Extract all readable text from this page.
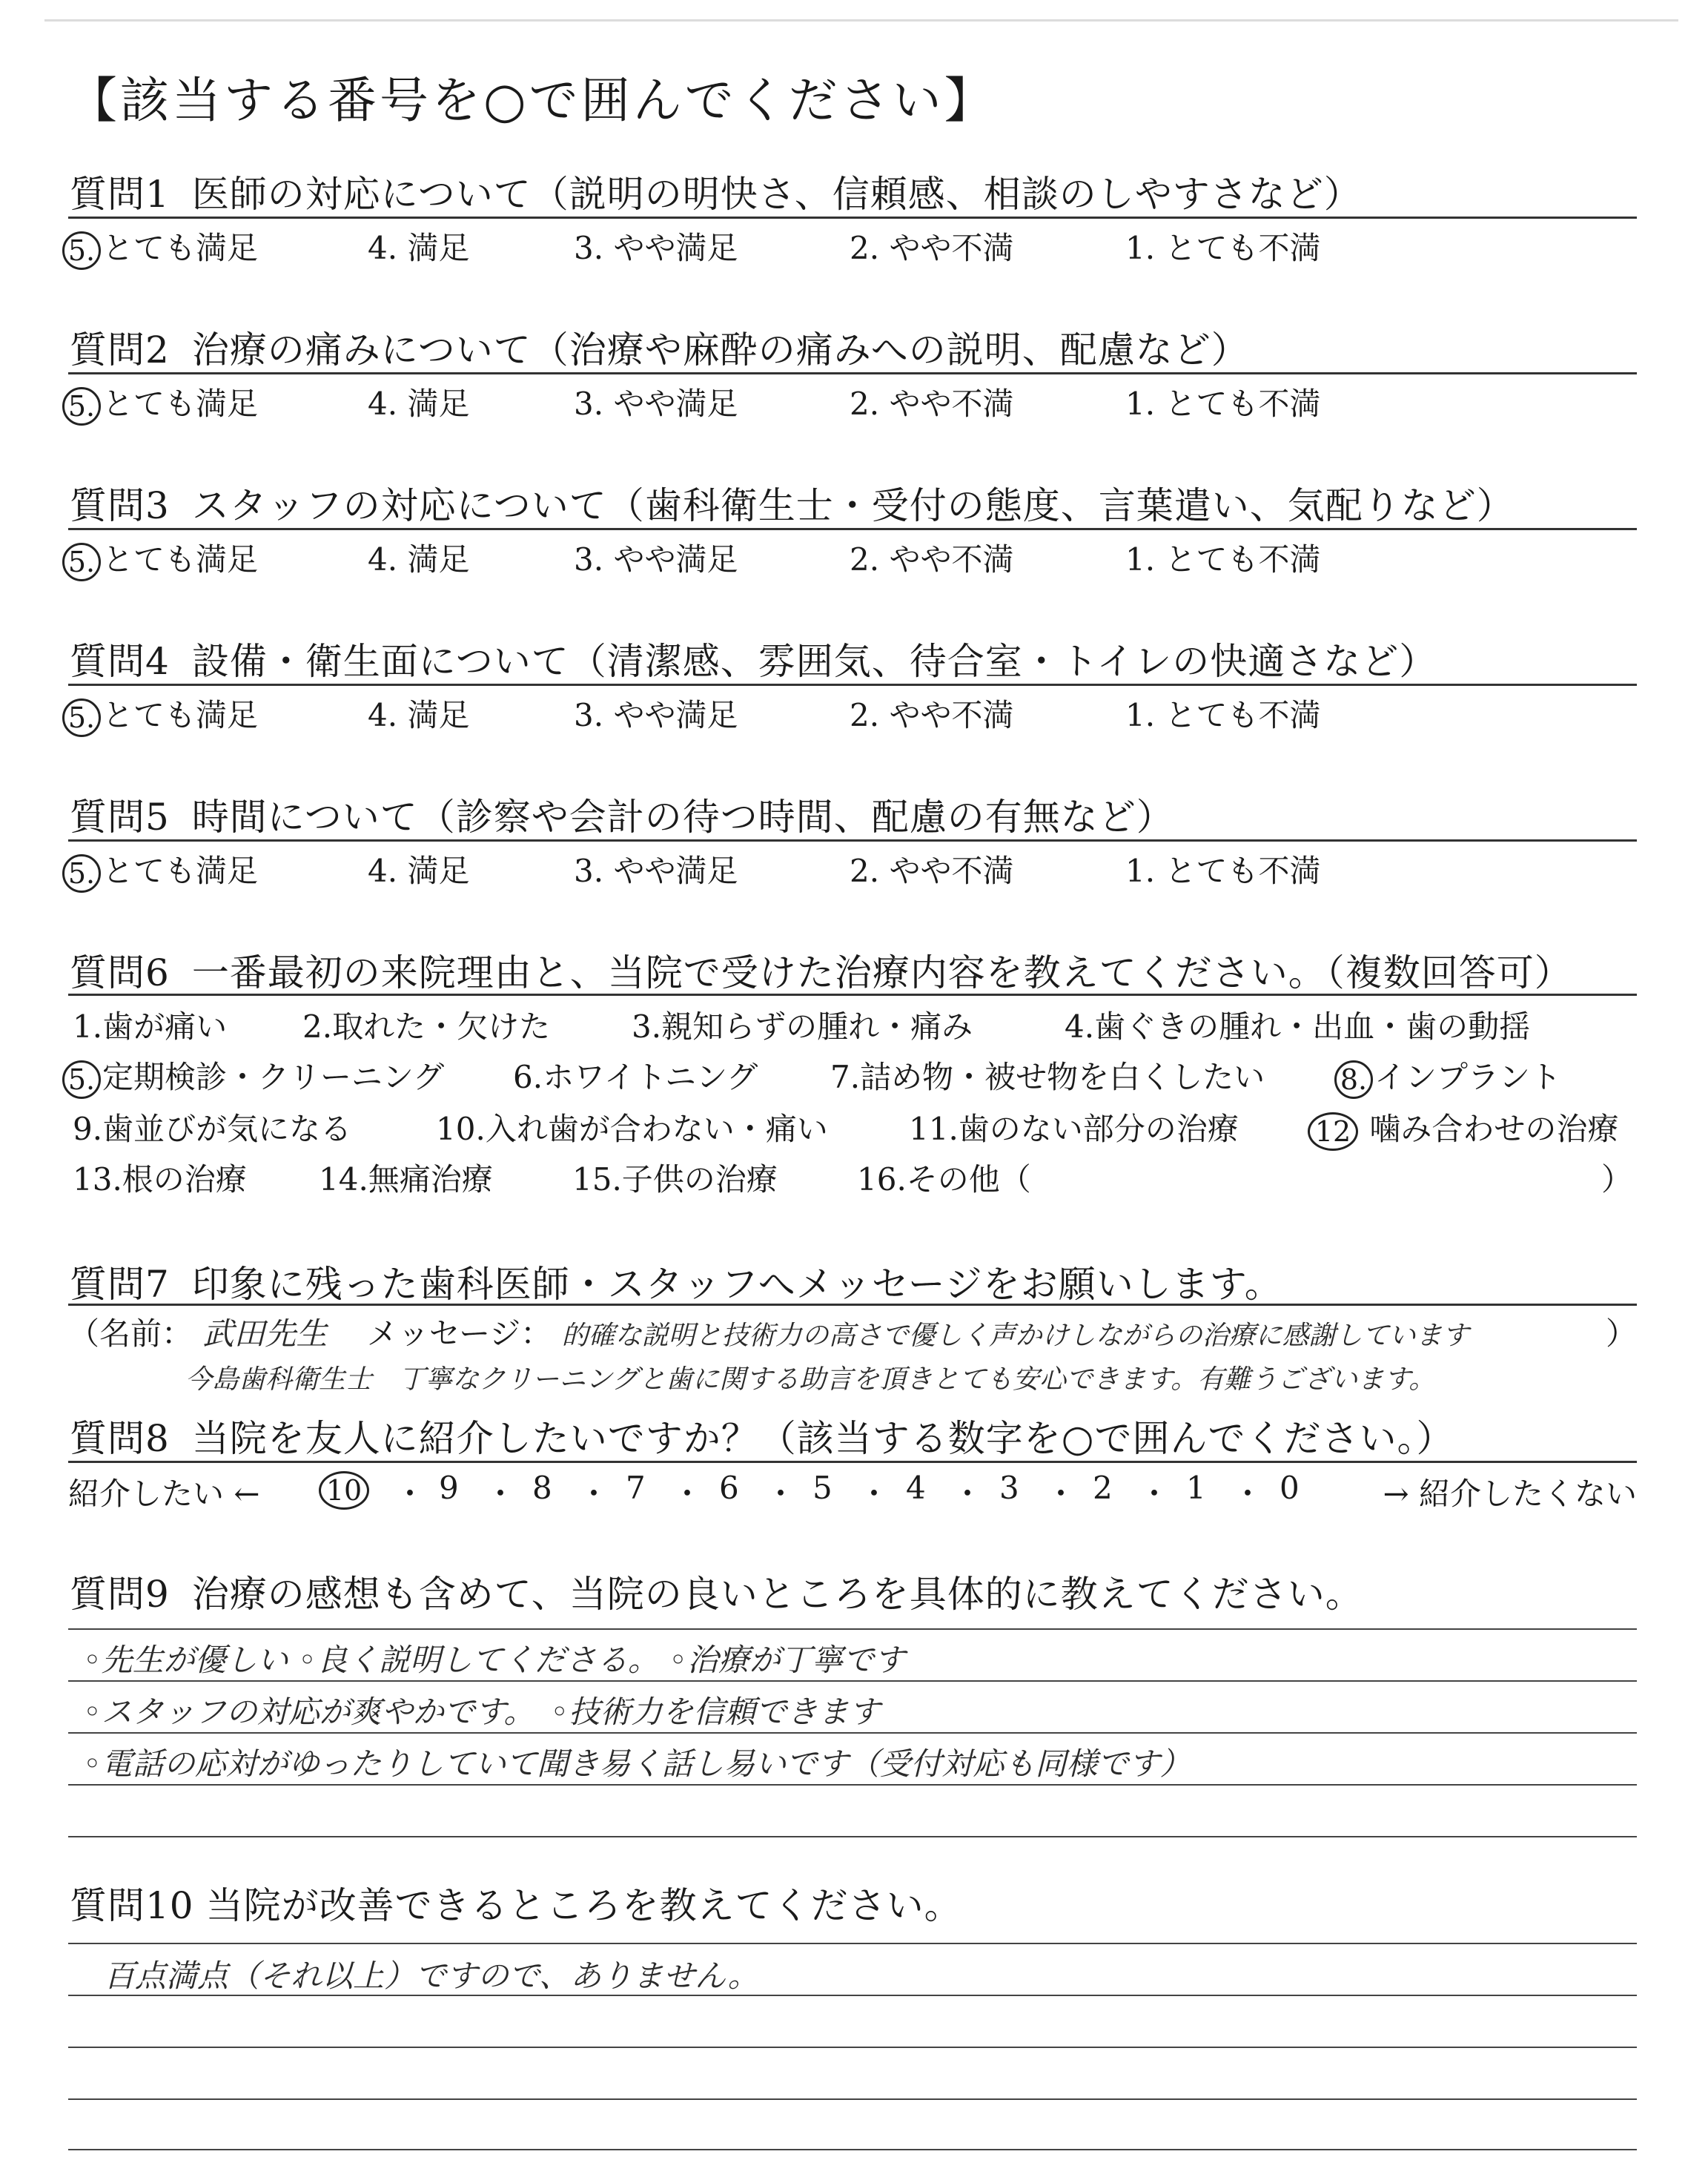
【該当する番号を○で囲んでください】
質問1 医師の対応について（説明の明快さ、信頼感、相談のしやすさなど）
5. とても満足	4. 満足	3. やや満足	2. やや不満	1. とても不満
質問2 治療の痛みについて（治療や麻酔の痛みへの説明、配慮など）
5. とても満足	4. 満足	3. やや満足	2. やや不満	1. とても不満
質問3 スタッフの対応について（歯科衛生士・受付の態度、言葉遣い、気配りなど）
5. とても満足	4. 満足	3. やや満足	2. やや不満	1. とても不満
質問4 設備・衛生面について（清潔感、雰囲気、待合室・トイレの快適さなど）
5. とても満足	4. 満足	3. やや満足	2. やや不満	1. とても不満
質問5 時間について（診察や会計の待つ時間、配慮の有無など）
5. とても満足	4. 満足	3. やや満足	2. やや不満	1. とても不満
質問6 一番最初の来院理由と、当院で受けた治療内容を教えてください。（複数回答可）
1.歯が痛い 2.取れた・欠けた	3.親知らずの腫れ・痛み	4.歯ぐきの腫れ・出血・歯の動揺
5. 定期検診・クリーニング 6.ホワイトニング 7.詰め物・被せ物を白くしたい	8. インプラント
9.歯並びが気になる	10.入れ歯が合わない・痛い	11.歯のない部分の治療	12 噛み合わせの治療
13.根の治療 14.無痛治療	15.子供の治療	16.その他（	）
質問7 印象に残った歯科医師・スタッフへメッセージをお願いします。
（名前： 武田先生 メッセージ： 的確な説明と技術力の高さで優しく声かけしながらの治療に感謝しています	）
今島歯科衛生士　丁寧なクリーニングと歯に関する助言を頂きとても安心できます。有難うございます。
質問8 当院を友人に紹介したいですか？（該当する数字を○で囲んでください。）
紹介したい ← 10 ・ 9 ・ 8 ・ 7 ・ 6 ・ 5 ・ 4 ・ 3 ・ 2 ・ 1 ・ 0	→ 紹介したくない
質問9 治療の感想も含めて、当院の良いところを具体的に教えてください。
◦先生が優しい ◦良く説明してくださる。 ◦治療が丁寧です
◦スタッフの対応が爽やかです。　◦技術力を信頼できます
◦電話の応対がゆったりしていて聞き易く話し易いです（受付対応も同様です）
質問10 当院が改善できるところを教えてください。
百点満点（それ以上）ですので、ありません。
